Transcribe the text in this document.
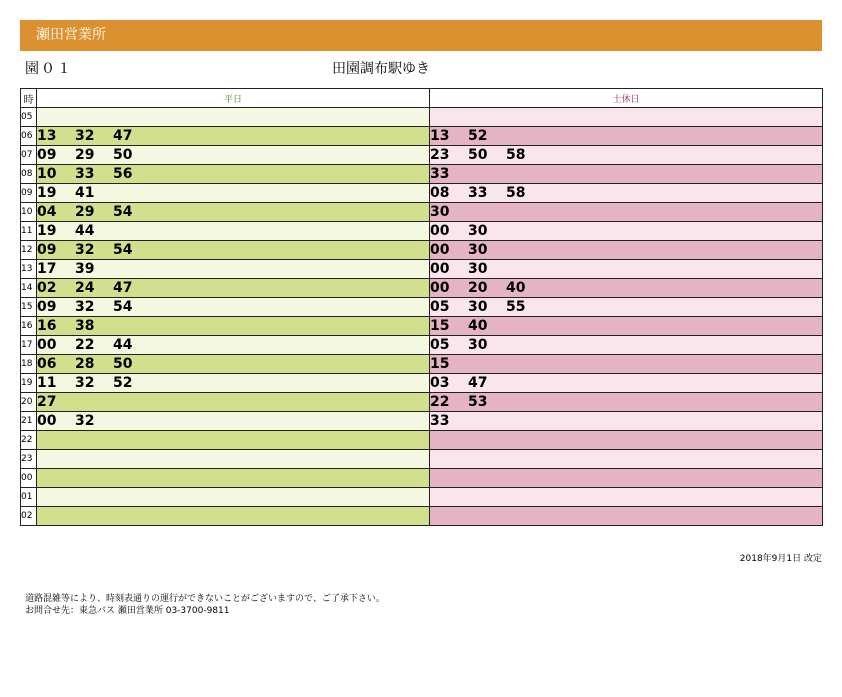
瀬田営業所
園０１	田園調布駅ゆき
時	平日	土休日
05		
06	13 32 47	13 52
07	09 29 50	23 50 58
08	10 33 56	33
09	19 41	08 33 58
10	04 29 54	30
11	19 44	00 30
12	09 32 54	00 30
13	17 39	00 30
14	02 24 47	00 20 40
15	09 32 54	05 30 55
16	16 38	15 40
17	00 22 44	05 30
18	06 28 50	15
19	11 32 52	03 47
20	27	22 53
21	00 32	33
22		
23		
00		
01		
02		
2018年9月1日 改定
道路混雑等により、時刻表通りの運行ができないことがございますので、ご了承下さい。
お問合せ先：東急バス 瀬田営業所 03-3700-9811
